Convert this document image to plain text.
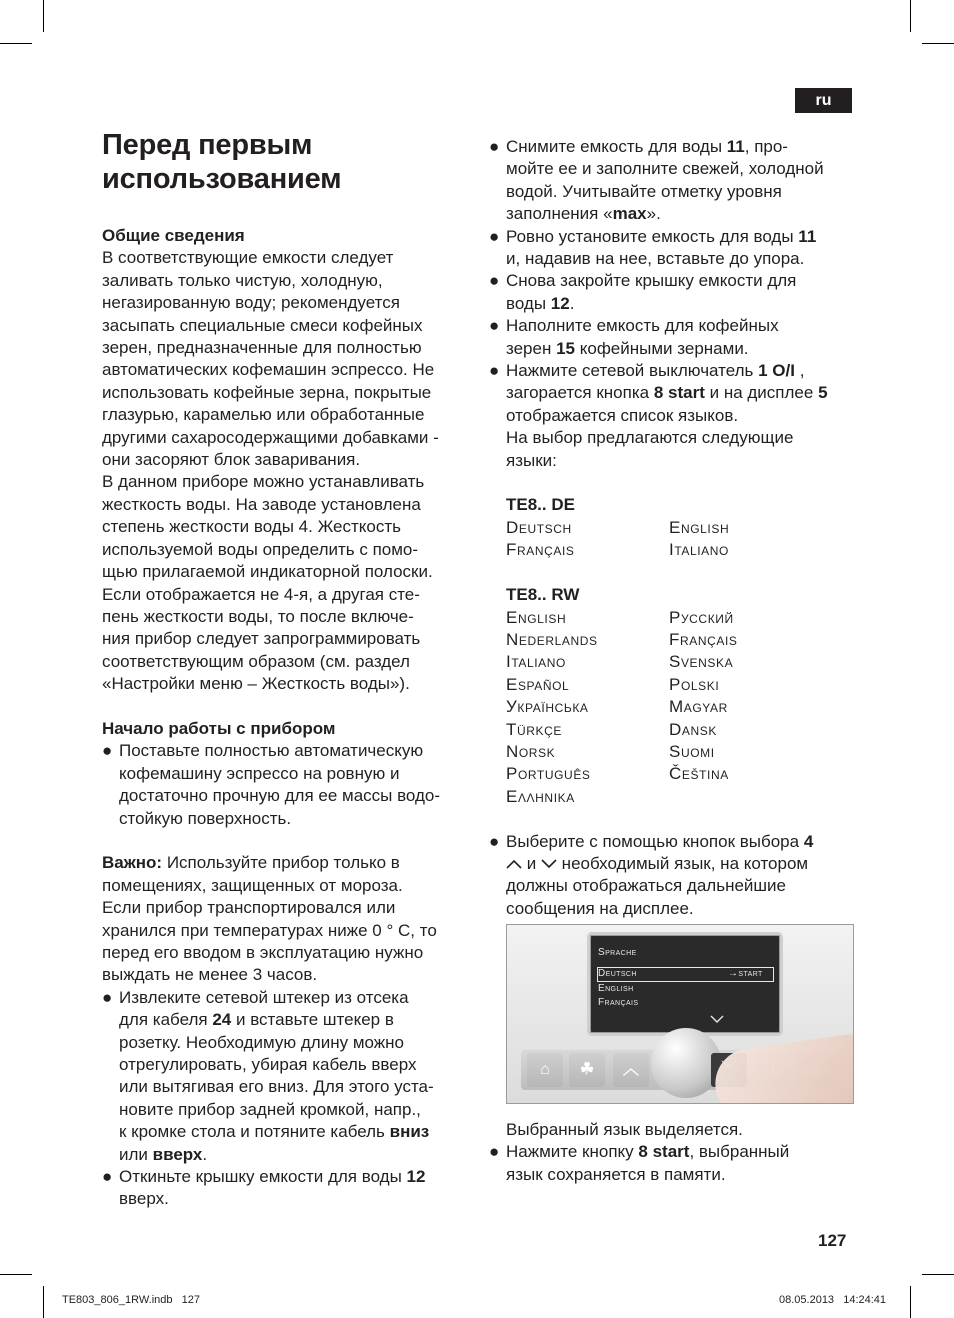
ru
Перед первым использованием

Общие сведения

В соответствующие емкости следует

заливать только чистую, холодную,

негазированную воду; рекомендуется

засыпать специальные смеси кофейных

зерен, предназначенные для полностью

автоматических кофемашин эспрессо. Не

использовать кофейные зерна, покрытые

глазурью, карамелью или обработанные

другими сахаросодержащими добавками -

они засоряют блок заваривания.

В данном приборе можно устанавливать

жесткость воды. На заводе установлена

степень жесткости воды 4. Жесткость

используемой воды определить с помо-

щью прилагаемой индикаторной полоски.

Если отображается не 4-я, а другая сте-

пень жесткости воды, то после включе-

ния прибор следует запрограммировать

соответствующим образом (см. раздел

«Настройки меню – Жесткость воды»).

Начало работы с прибором

● Поставьте полностью автоматическую

кофемашину эспрессо на ровную и

достаточно прочную для ее массы водо-

стойкую поверхность.

Важно: Используйте прибор только в

помещениях, защищенных от мороза.

Если прибор транспортировался или

хранился при температурах ниже 0 ° С, то

перед его вводом в эксплуатацию нужно

выждать не менее 3 часов.

● Извлеките сетевой штекер из отсека

для кабеля 24 и вставьте штекер в

розетку. Необходимую длину можно

отрегулировать, убирая кабель вверх

или вытягивая его вниз. Для этого уста-

новите прибор задней кромкой, напр.,

к кромке стола и потяните кабель вниз

или вверх.

● Откиньте крышку емкости для воды 12

вверх.

● Снимите емкость для воды 11, про-

мойте ее и заполните свежей, холодной

водой. Учитывайте отметку уровня

заполнения «max».

● Ровно установите емкость для воды 11

и, надавив на нее, вставьте до упора.

● Снова закройте крышку емкости для

воды 12.

● Наполните емкость для кофейных

зерен 15 кофейными зернами.

● Нажмите сетевой выключатель 1 O/I ,

загорается кнопка 8 start и на дисплее 5

отображается список языков.

На выбор предлагаются следующие

языки:

TE8.. DE

Deutsch	English
Français	Italiano

TE8.. RW

English	Русский
Nederlands	Français
Italiano	Svenska
Español	Polski
Українська	Magyar
Türkçe	Dansk
Norsk	Suomi
Português	Čeština
Ελληνικα
● Выберите с помощью кнопок выбора 4

и  необходимый язык, на котором

должны отображаться дальнейшие

сообщения на дисплее.

Sprache
Deutsch	→start
English
Français
⌂	☘	︿

Выбранный язык выделяется.

● Нажмите кнопку 8 start, выбранный

язык сохраняется в памяти.

127
TE803_806_1RW.indb   127	08.05.2013   14:24:41
